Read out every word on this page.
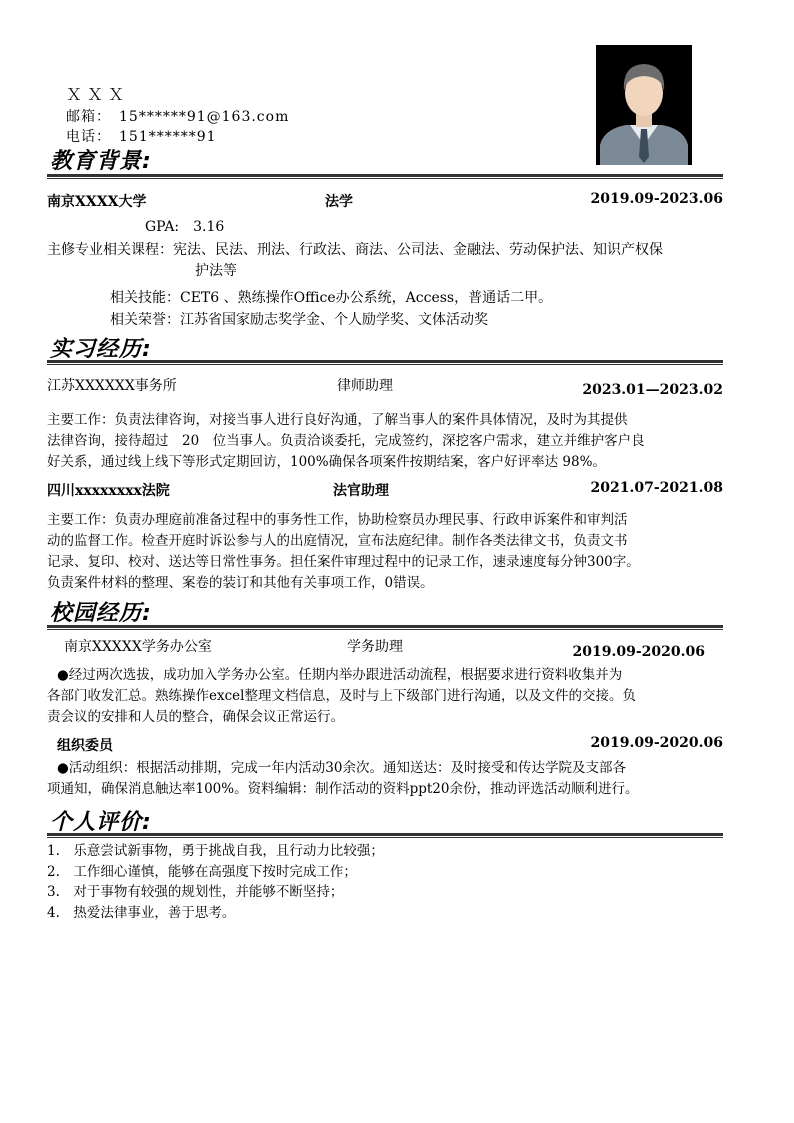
ＸＸＸ
邮箱：　15******91@163.com
电话：　151******91
教育背景:
南京XXXX大学	法学	2019.09-2023.06
GPA:　3.16
主修专业相关课程：宪法、民法、刑法、行政法、商法、公司法、金融法、劳动保护法、知识产权保
护法等
相关技能：CET6 、熟练操作Office办公系统，Access，普通话二甲。
相关荣誉：江苏省国家励志奖学金、个人励学奖、文体活动奖
实习经历:
江苏XXXXXX事务所	律师助理	2023.01—2023.02
主要工作：负责法律咨询，对接当事人进行良好沟通，了解当事人的案件具体情况，及时为其提供
法律咨询，接待超过　20　位当事人。负责洽谈委托，完成签约，深挖客户需求，建立并维护客户良
好关系，通过线上线下等形式定期回访，100%确保各项案件按期结案，客户好评率达 98%。
四川xxxxxxxx法院	法官助理	2021.07-2021.08
主要工作：负责办理庭前准备过程中的事务性工作，协助检察员办理民事、行政申诉案件和审判活
动的监督工作。检查开庭时诉讼参与人的出庭情况，宣布法庭纪律。制作各类法律文书，负责文书
记录、复印、校对、送达等日常性事务。担任案件审理过程中的记录工作，速录速度每分钟300字。
负责案件材料的整理、案卷的装订和其他有关事项工作，0错误。
校园经历:
南京XXXXX学务办公室	学务助理	2019.09-2020.06
●经过两次选拔，成功加入学务办公室。任期内举办跟进活动流程，根据要求进行资料收集并为
各部门收发汇总。熟练操作excel整理文档信息，及时与上下级部门进行沟通，以及文件的交接。负
责会议的安排和人员的整合，确保会议正常运行。
组织委员	2019.09-2020.06
●活动组织：根据活动排期，完成一年内活动30余次。通知送达：及时接受和传达学院及支部各
项通知，确保消息触达率100%。资料编辑：制作活动的资料ppt20余份，推动评选活动顺利进行。
个人评价:
1.　乐意尝试新事物，勇于挑战自我，且行动力比较强；
2.　工作细心谨慎，能够在高强度下按时完成工作；
3.　对于事物有较强的规划性，并能够不断坚持；
4.　热爱法律事业，善于思考。
